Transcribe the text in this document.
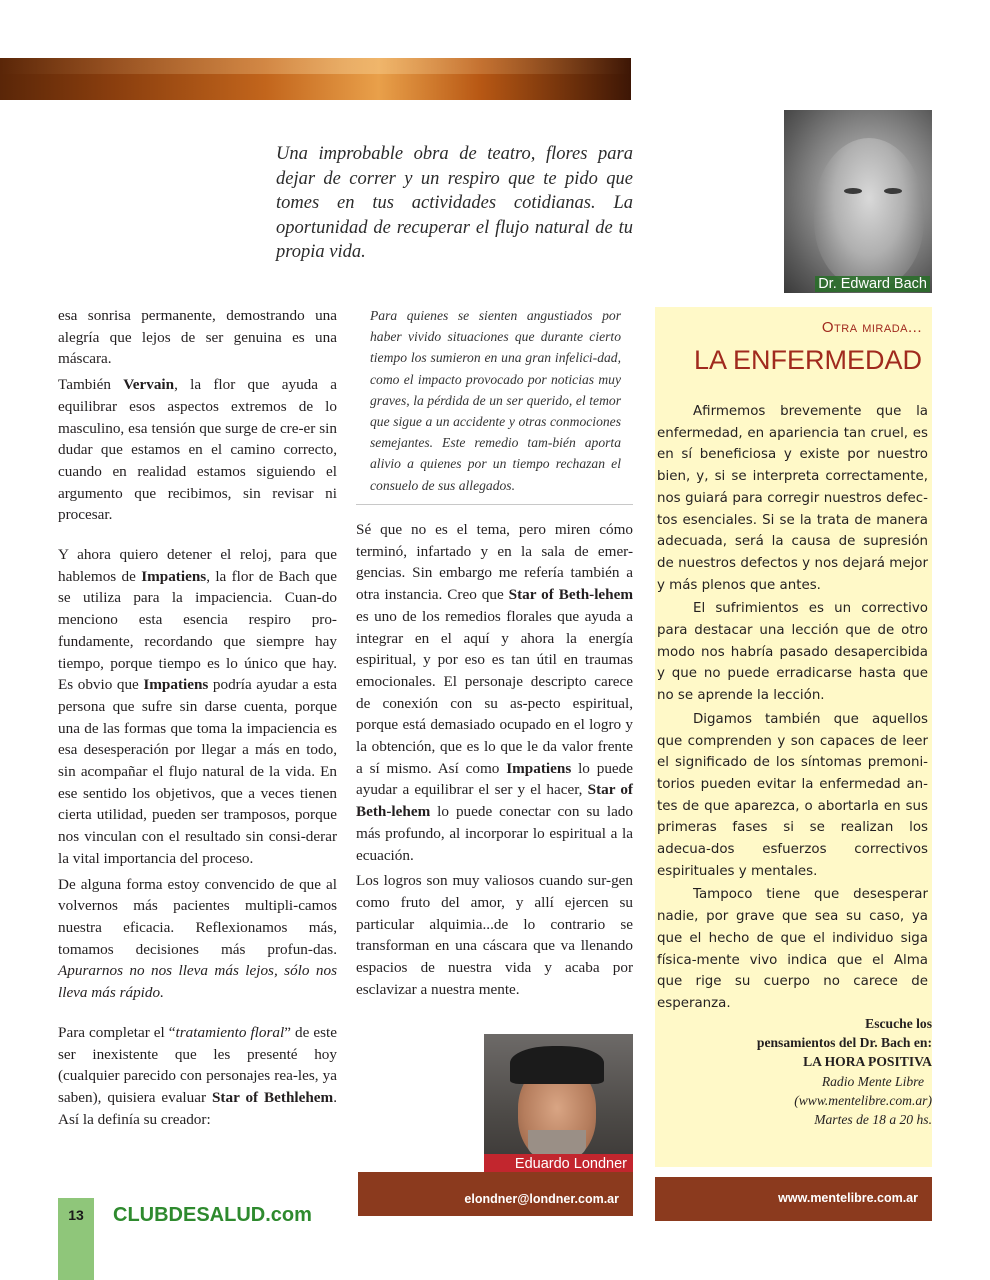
Una improbable obra de teatro, flores para dejar de correr y un respiro que te pido que tomes en tus actividades cotidianas. La oportunidad de recuperar el flujo natural de tu propia vida.
Dr. Edward Bach

esa sonrisa permanente, demostrando una alegría que lejos de ser genuina es una máscara.

También Vervain, la flor que ayuda a equilibrar esos aspectos extremos de lo masculino, esa tensión que surge de cre-er sin dudar que estamos en el camino correcto, cuando en realidad estamos siguiendo el argumento que recibimos, sin revisar ni procesar.

Y ahora quiero detener el reloj, para que hablemos de Impatiens, la flor de Bach que se utiliza para la impaciencia. Cuan-do menciono esta esencia respiro pro-fundamente, recordando que siempre hay tiempo, porque tiempo es lo único que hay. Es obvio que Impatiens podría ayudar a esta persona que sufre sin darse cuenta, porque una de las formas que toma la impaciencia es esa desesperación por llegar a más en todo, sin acompañar el flujo natural de la vida. En ese sentido los objetivos, que a veces tienen cierta utilidad, pueden ser tramposos, porque nos vinculan con el resultado sin consi-derar la vital importancia del proceso.

De alguna forma estoy convencido de que al volvernos más pacientes multipli-camos nuestra eficacia. Reflexionamos más, tomamos decisiones más profun-das. Apurarnos no nos lleva más lejos, sólo nos lleva más rápido.

Para completar el “tratamiento floral” de este ser inexistente que les presenté hoy (cualquier parecido con personajes rea-les, ya saben), quisiera evaluar Star of Bethlehem. Así la definía su creador:

Para quienes se sienten angustiados por haber vivido situaciones que durante cierto tiempo los sumieron en una gran infelici-dad, como el impacto provocado por noticias muy graves, la pérdida de un ser querido, el temor que sigue a un accidente y otras conmociones semejantes. Este remedio tam-bién aporta alivio a quienes por un tiempo rechazan el consuelo de sus allegados.

Sé que no es el tema, pero miren cómo terminó, infartado y en la sala de emer-gencias. Sin embargo me refería también a otra instancia. Creo que Star of Beth-lehem es uno de los remedios florales que ayuda a integrar en el aquí y ahora la energía espiritual, y por eso es tan útil en traumas emocionales. El personaje descripto carece de conexión con su as-pecto espiritual, porque está demasiado ocupado en el logro y la obtención, que es lo que le da valor frente a sí mismo. Así como Impatiens lo puede ayudar a equilibrar el ser y el hacer, Star of Beth-lehem lo puede conectar con su lado más profundo, al incorporar lo espiritual a la ecuación.

Los logros son muy valiosos cuando sur-gen como fruto del amor, y allí ejercen su particular alquimia...de lo contrario se transforman en una cáscara que va llenando espacios de nuestra vida y acaba por esclavizar a nuestra mente.

Otra mirada...
LA ENFERMEDAD

Afirmemos brevemente que la enfermedad, en apariencia tan cruel, es en sí beneficiosa y existe por nuestro bien, y, si se interpreta correctamente, nos guiará para corregir nuestros defec-tos esenciales. Si se la trata de manera adecuada, será la causa de supresión de nuestros defectos y nos dejará mejor y más plenos que antes.

El sufrimientos es un correctivo para destacar una lección que de otro modo nos habría pasado desapercibida y que no puede erradicarse hasta que no se aprende la lección.

Digamos también que aquellos que comprenden y son capaces de leer el significado de los síntomas premoni-torios pueden evitar la enfermedad an-tes de que aparezca, o abortarla en sus primeras fases si se realizan los adecua-dos esfuerzos correctivos espirituales y mentales.

Tampoco tiene que desesperar nadie, por grave que sea su caso, ya que el hecho de que el individuo siga física-mente vivo indica que el Alma que rige su cuerpo no carece de esperanza.

Escuche los
pensamientos del Dr. Bach en:
LA HORA POSITIVA
Radio Mente Libre
(www.mentelibre.com.ar)
Martes de 18 a 20 hs.
www.mentelibre.com.ar
Eduardo Londner
elondner@londner.com.ar
13	CLUBDESALUD.com
